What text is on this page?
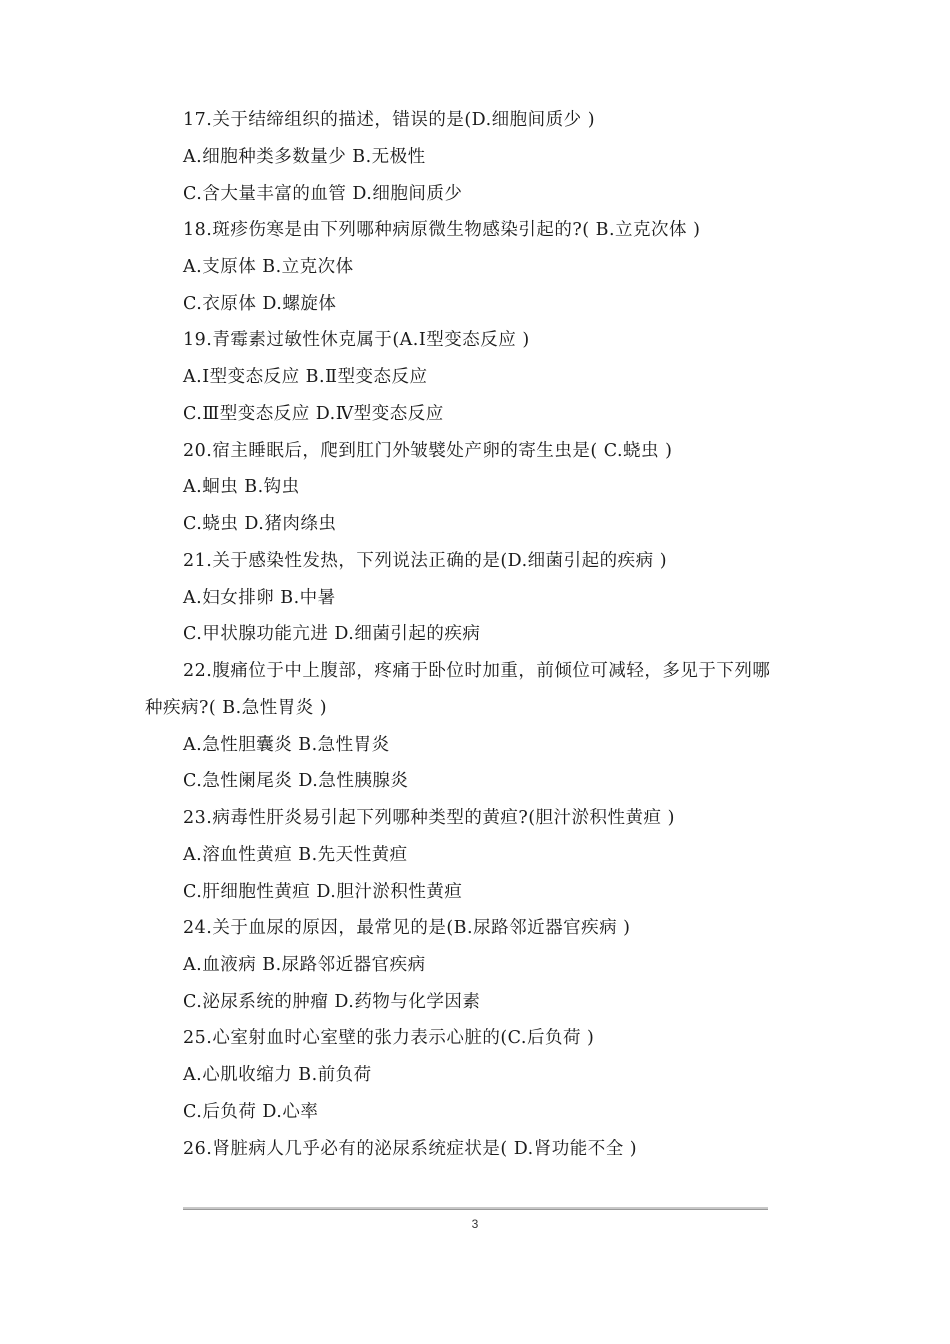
17.关于结缔组织的描述，错误的是(D.细胞间质少 )
A.细胞种类多数量少 B.无极性
C.含大量丰富的血管 D.细胞间质少
18.斑疹伤寒是由下列哪种病原微生物感染引起的?( B.立克次体 )
A.支原体 B.立克次体
C.衣原体 D.螺旋体
19.青霉素过敏性休克属于(A.Ⅰ型变态反应 )
A.Ⅰ型变态反应 B.Ⅱ型变态反应
C.Ⅲ型变态反应 D.Ⅳ型变态反应
20.宿主睡眠后，爬到肛门外皱襞处产卵的寄生虫是( C.蛲虫 )
A.蛔虫 B.钩虫
C.蛲虫 D.猪肉绦虫
21.关于感染性发热，下列说法正确的是(D.细菌引起的疾病 )
A.妇女排卵 B.中暑
C.甲状腺功能亢进 D.细菌引起的疾病
22.腹痛位于中上腹部，疼痛于卧位时加重，前倾位可减轻，多见于下列哪
种疾病?( B.急性胃炎 )
A.急性胆囊炎 B.急性胃炎
C.急性阑尾炎 D.急性胰腺炎
23.病毒性肝炎易引起下列哪种类型的黄疸?(胆汁淤积性黄疸 )
A.溶血性黄疸 B.先天性黄疸
C.肝细胞性黄疸 D.胆汁淤积性黄疸
24.关于血尿的原因，最常见的是(B.尿路邻近器官疾病 )
A.血液病 B.尿路邻近器官疾病
C.泌尿系统的肿瘤 D.药物与化学因素
25.心室射血时心室壁的张力表示心脏的(C.后负荷 )
A.心肌收缩力 B.前负荷
C.后负荷 D.心率
26.肾脏病人几乎必有的泌尿系统症状是( D.肾功能不全 )
3
